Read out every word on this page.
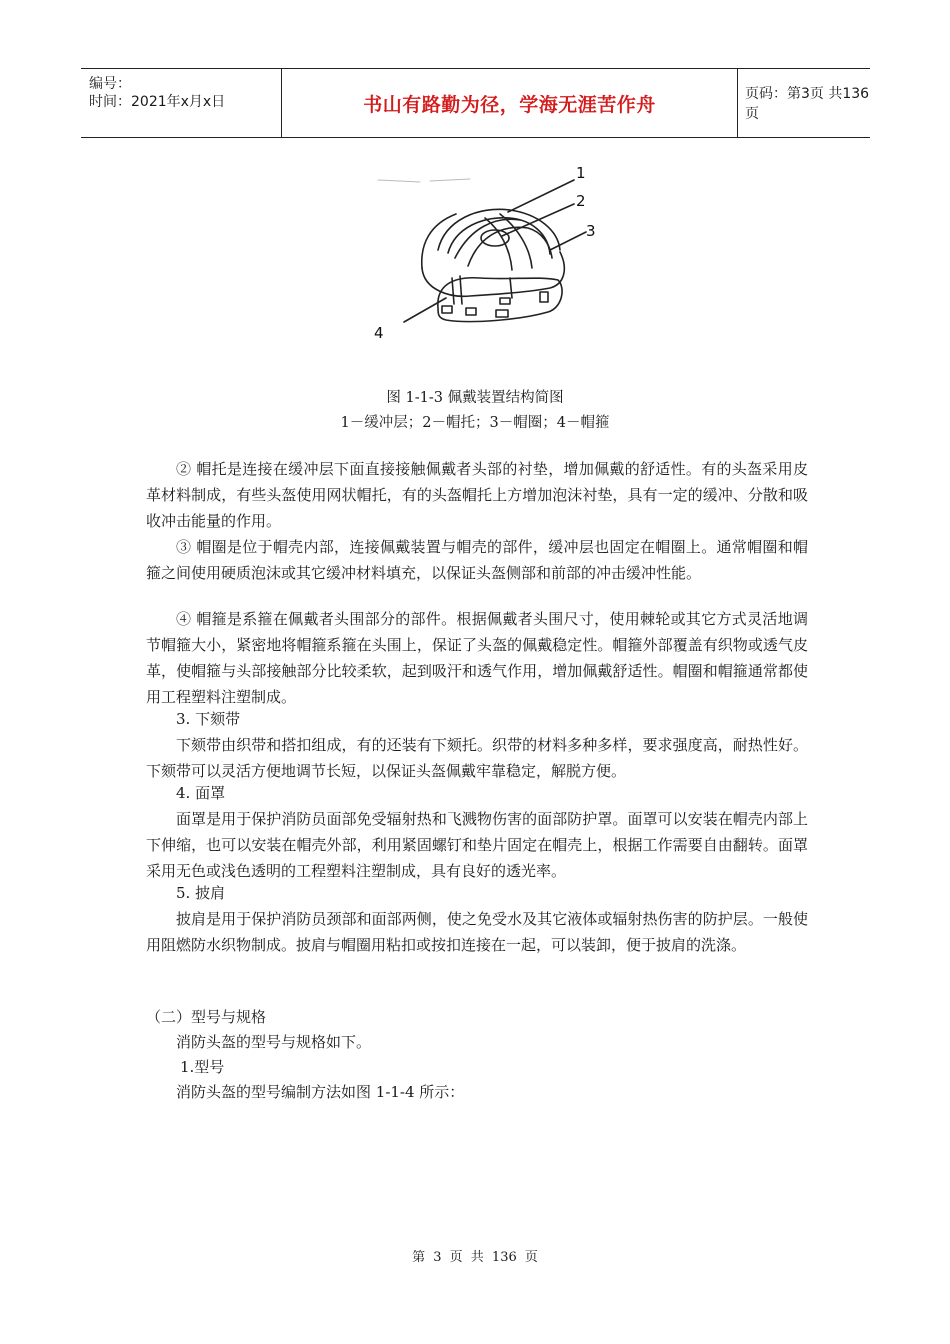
编号：
时间：2021年x月x日	书山有路勤为径，学海无涯苦作舟	页码：第3页 共136页
1
2
3
4
图 1-1-3 佩戴装置结构简图
1－缓冲层；2－帽托；3－帽圈；4－帽箍
② 帽托是连接在缓冲层下面直接接触佩戴者头部的衬垫，增加佩戴的舒适性。有的头盔采用皮革材料制成，有些头盔使用网状帽托，有的头盔帽托上方增加泡沫衬垫，具有一定的缓冲、分散和吸收冲击能量的作用。
③ 帽圈是位于帽壳内部，连接佩戴装置与帽壳的部件，缓冲层也固定在帽圈上。通常帽圈和帽箍之间使用硬质泡沫或其它缓冲材料填充，以保证头盔侧部和前部的冲击缓冲性能。
④ 帽箍是系箍在佩戴者头围部分的部件。根据佩戴者头围尺寸，使用棘轮或其它方式灵活地调节帽箍大小，紧密地将帽箍系箍在头围上，保证了头盔的佩戴稳定性。帽箍外部覆盖有织物或透气皮革，使帽箍与头部接触部分比较柔软，起到吸汗和透气作用，增加佩戴舒适性。帽圈和帽箍通常都使用工程塑料注塑制成。
3. 下颏带
下颏带由织带和搭扣组成，有的还装有下颏托。织带的材料多种多样，要求强度高，耐热性好。下颏带可以灵活方便地调节长短，以保证头盔佩戴牢靠稳定，解脱方便。
4. 面罩
面罩是用于保护消防员面部免受辐射热和飞溅物伤害的面部防护罩。面罩可以安装在帽壳内部上下伸缩，也可以安装在帽壳外部，利用紧固螺钉和垫片固定在帽壳上，根据工作需要自由翻转。面罩采用无色或浅色透明的工程塑料注塑制成，具有良好的透光率。
5. 披肩
披肩是用于保护消防员颈部和面部两侧，使之免受水及其它液体或辐射热伤害的防护层。一般使用阻燃防水织物制成。披肩与帽圈用粘扣或按扣连接在一起，可以装卸，便于披肩的洗涤。
（二）型号与规格
消防头盔的型号与规格如下。
1.型号
消防头盔的型号编制方法如图 1-1-4 所示：
第 3 页 共 136 页
